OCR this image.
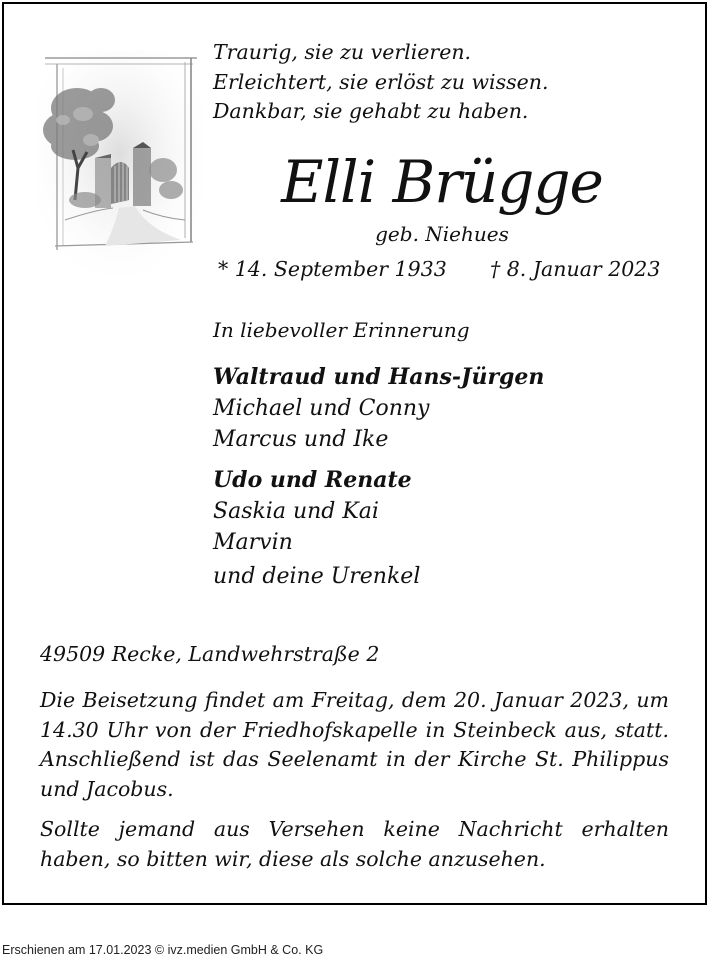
Traurig, sie zu verlieren.
Erleichtert, sie erlöst zu wissen.
Dankbar, sie gehabt zu haben.
Elli Brügge
geb. Niehues
* 14. September 1933 † 8. Januar 2023
In liebevoller Erinnerung
Waltraud und Hans-Jürgen
Michael und Conny
Marcus und Ike
Udo und Renate
Saskia und Kai
Marvin
und deine Urenkel
49509 Recke, Landwehrstraße 2
Die Beisetzung findet am Freitag, dem 20. Januar 2023, um 14.30 Uhr von der Friedhofskapelle in Steinbeck aus, statt. Anschließend ist das Seelenamt in der Kirche St. Philippus und Jacobus.
Sollte jemand aus Versehen keine Nachricht erhalten haben, so bitten wir, diese als solche anzusehen.
Erschienen am 17.01.2023 © ivz.medien GmbH & Co. KG
